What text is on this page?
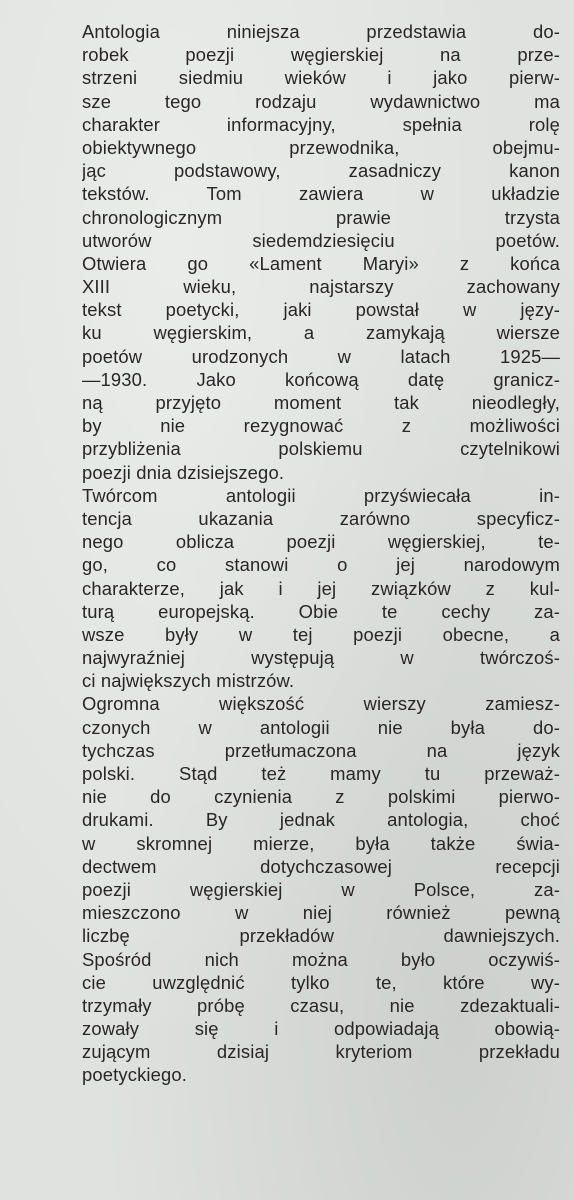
Antologia niniejsza przedstawia do-
robek poezji węgierskiej na prze-
strzeni siedmiu wieków i jako pierw-
sze tego rodzaju wydawnictwo ma
charakter informacyjny, spełnia rolę
obiektywnego przewodnika, obejmu-
jąc podstawowy, zasadniczy kanon
tekstów. Tom zawiera w układzie
chronologicznym prawie trzysta
utworów siedemdziesięciu poetów.
Otwiera go «Lament Maryi» z końca
XIII wieku, najstarszy zachowany
tekst poetycki, jaki powstał w języ-
ku węgierskim, a zamykają wiersze
poetów urodzonych w latach 1925—
—1930. Jako końcową datę granicz-
ną przyjęto moment tak nieodległy,
by nie rezygnować z możliwości
przybliżenia polskiemu czytelnikowi
poezji dnia dzisiejszego.
Twórcom antologii przyświecała in-
tencja ukazania zarówno specyficz-
nego oblicza poezji węgierskiej, te-
go, co stanowi o jej narodowym
charakterze, jak i jej związków z kul-
turą europejską. Obie te cechy za-
wsze były w tej poezji obecne, a
najwyraźniej występują w twórczoś-
ci największych mistrzów.
Ogromna większość wierszy zamiesz-
czonych w antologii nie była do-
tychczas przetłumaczona na język
polski. Stąd też mamy tu przeważ-
nie do czynienia z polskimi pierwo-
drukami. By jednak antologia, choć
w skromnej mierze, była także świa-
dectwem dotychczasowej recepcji
poezji węgierskiej w Polsce, za-
mieszczono w niej również pewną
liczbę przekładów dawniejszych.
Spośród nich można było oczywiś-
cie uwzględnić tylko te, które wy-
trzymały próbę czasu, nie zdezaktuali-
zowały się i odpowiadają obowią-
zującym dzisiaj kryteriom przekładu
poetyckiego.
